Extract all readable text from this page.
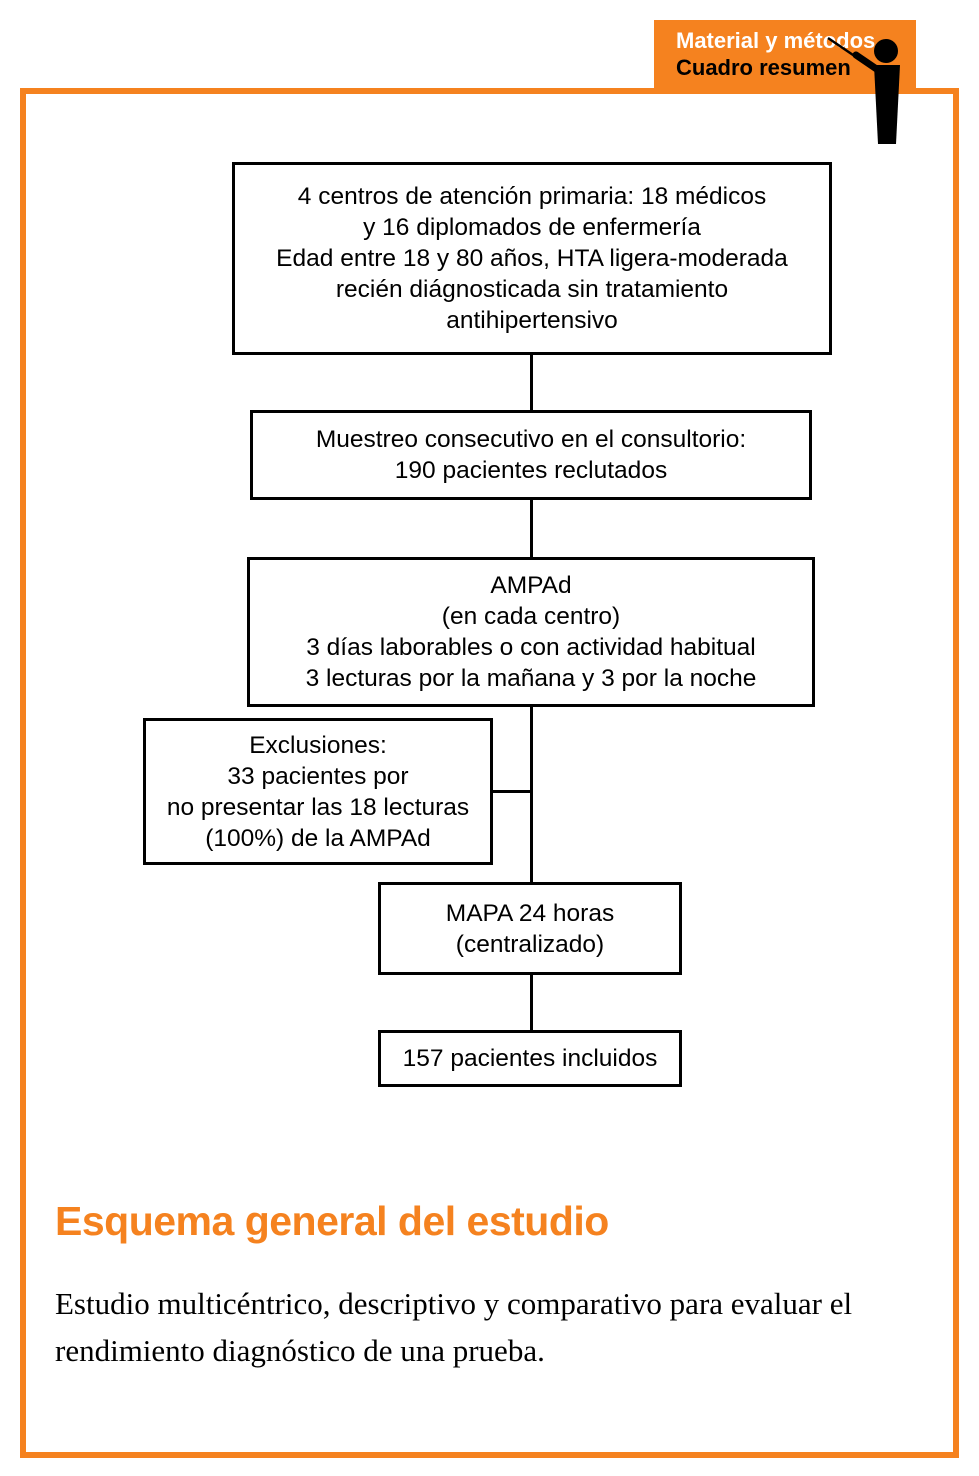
Material y métodos
Cuadro resumen
4 centros de atención primaria: 18 médicos
y 16 diplomados de enfermería
Edad entre 18 y 80 años, HTA ligera-moderada
recién diágnosticada sin tratamiento
antihipertensivo
Muestreo consecutivo en el consultorio:
190 pacientes reclutados
AMPAd
(en cada centro)
3 días laborables o con actividad habitual
3 lecturas por la mañana y 3 por la noche
Exclusiones:
33 pacientes por
no presentar las 18 lecturas
(100%) de la AMPAd
MAPA 24 horas
(centralizado)
157 pacientes incluidos
Esquema general del estudio
Estudio multicéntrico, descriptivo y comparativo para evaluar el rendimiento diagnóstico de una prueba.
